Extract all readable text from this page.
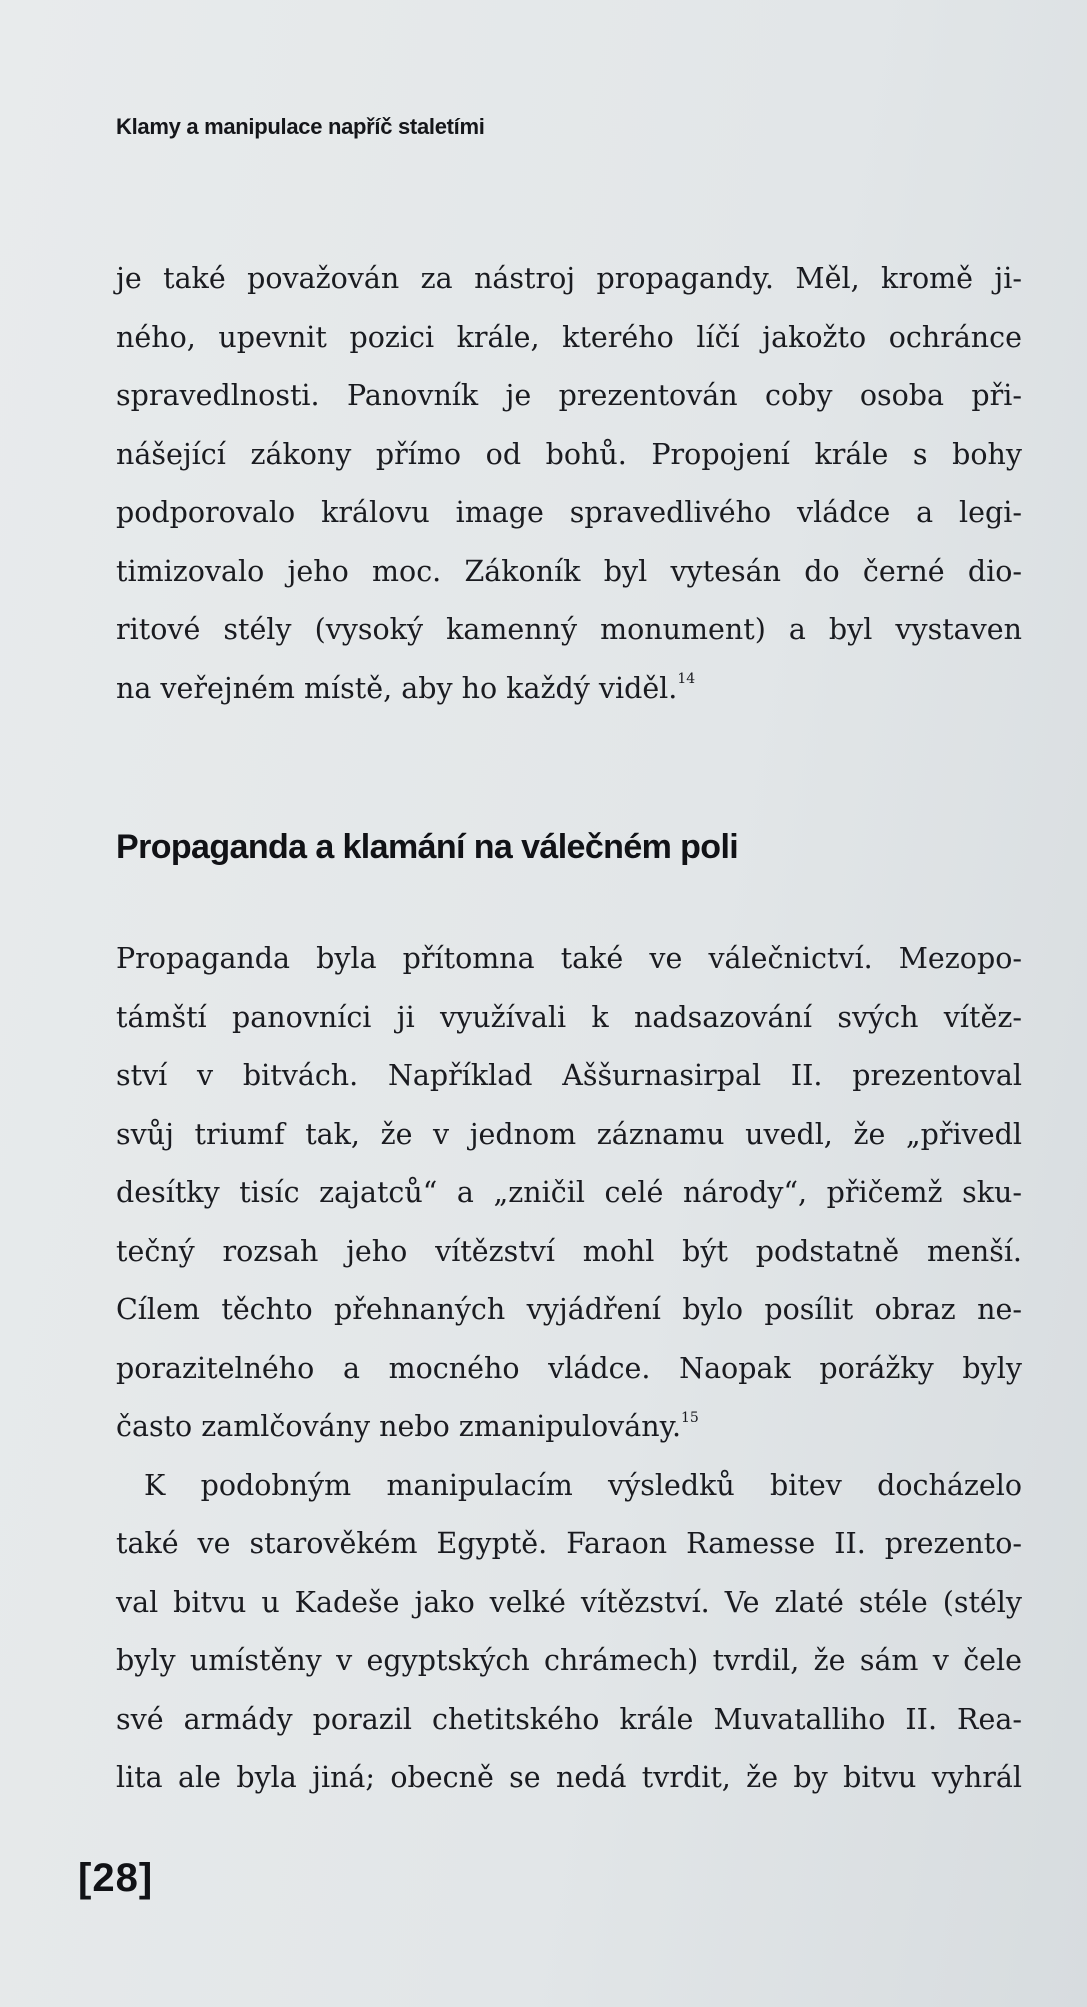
Klamy a manipulace napříč staletími
je také považován za nástroj propagandy. Měl, kromě ji-
ného, upevnit pozici krále, kterého líčí jakožto ochránce
spravedlnosti. Panovník je prezentován coby osoba při-
nášející zákony přímo od bohů. Propojení krále s bohy
podporovalo královu image spravedlivého vládce a legi-
timizovalo jeho moc. Zákoník byl vytesán do černé dio-
ritové stély (vysoký kamenný monument) a byl vystaven
na veřejném místě, aby ho každý viděl.$^{14}$
Propaganda a klamání na válečném poli
Propaganda byla přítomna také ve válečnictví. Mezopo-
támští panovníci ji využívali k nadsazování svých vítěz-
ství v bitvách. Například Aššurnasirpal II. prezentoval
svůj triumf tak, že v jednom záznamu uvedl, že „přivedl
desítky tisíc zajatců“ a „zničil celé národy“, přičemž sku-
tečný rozsah jeho vítězství mohl být podstatně menší.
Cílem těchto přehnaných vyjádření bylo posílit obraz ne-
porazitelného a mocného vládce. Naopak porážky byly
často zamlčovány nebo zmanipulovány.$^{15}$
K podobným manipulacím výsledků bitev docházelo
také ve starověkém Egyptě. Faraon Ramesse II. prezento-
val bitvu u Kadeše jako velké vítězství. Ve zlaté stéle (stély
byly umístěny v egyptských chrámech) tvrdil, že sám v čele
své armády porazil chetitského krále Muvatalliho II. Rea-
lita ale byla jiná; obecně se nedá tvrdit, že by bitvu vyhrál
[28]
